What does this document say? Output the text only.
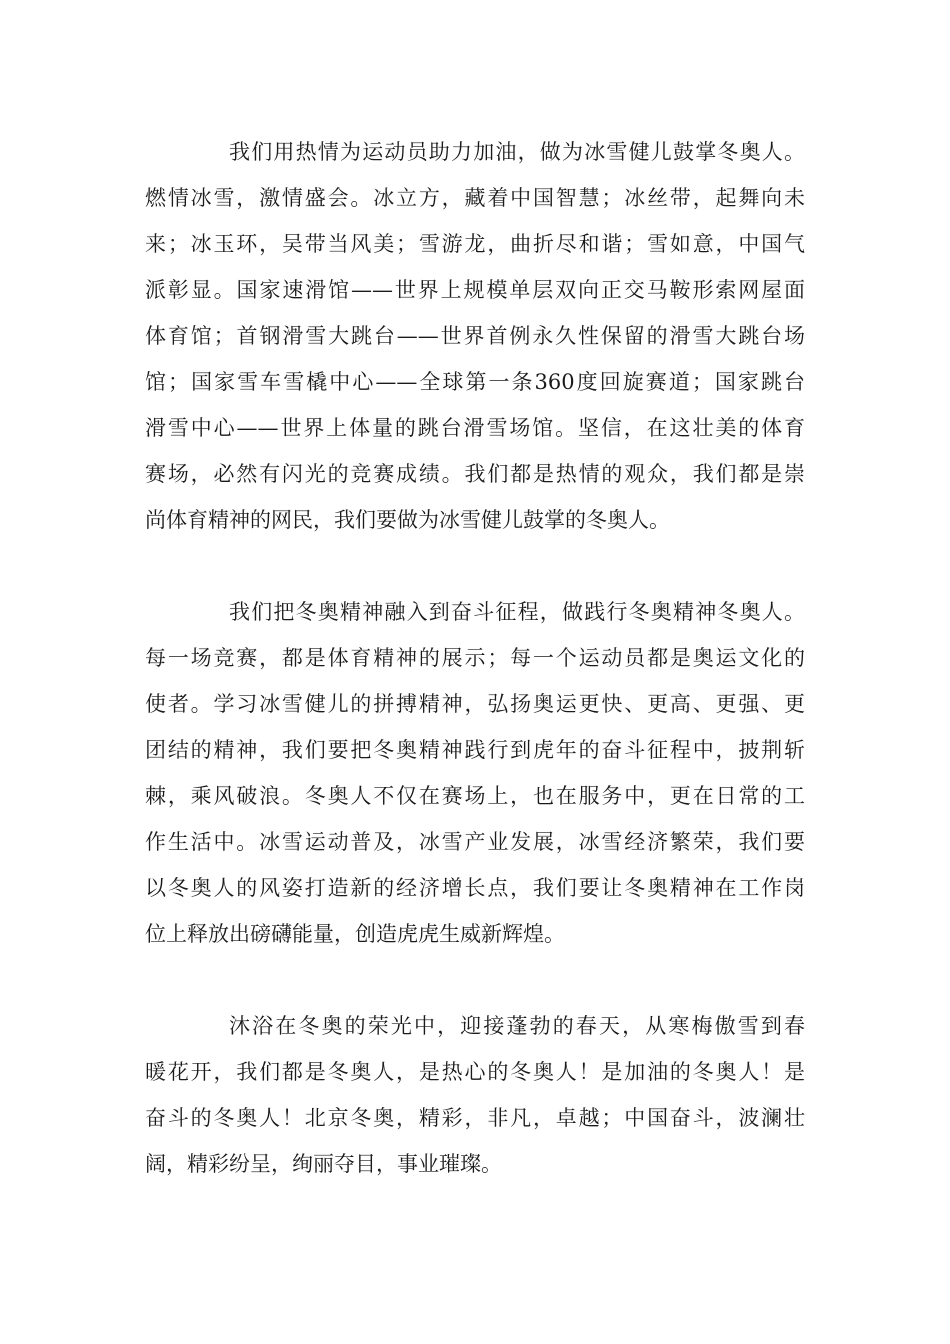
我们用热情为运动员助力加油，做为冰雪健儿鼓掌冬奥人。
燃情冰雪，激情盛会。冰立方，藏着中国智慧；冰丝带，起舞向未
来；冰玉环，吴带当风美；雪游龙，曲折尽和谐；雪如意，中国气
派彰显。国家速滑馆——世界上规模单层双向正交马鞍形索网屋面
体育馆；首钢滑雪大跳台——世界首例永久性保留的滑雪大跳台场
馆；国家雪车雪橇中心——全球第一条360度回旋赛道；国家跳台
滑雪中心——世界上体量的跳台滑雪场馆。坚信，在这壮美的体育
赛场，必然有闪光的竞赛成绩。我们都是热情的观众，我们都是崇
尚体育精神的网民，我们要做为冰雪健儿鼓掌的冬奥人。
我们把冬奥精神融入到奋斗征程，做践行冬奥精神冬奥人。
每一场竞赛，都是体育精神的展示；每一个运动员都是奥运文化的
使者。学习冰雪健儿的拼搏精神，弘扬奥运更快、更高、更强、更
团结的精神，我们要把冬奥精神践行到虎年的奋斗征程中，披荆斩
棘，乘风破浪。冬奥人不仅在赛场上，也在服务中，更在日常的工
作生活中。冰雪运动普及，冰雪产业发展，冰雪经济繁荣，我们要
以冬奥人的风姿打造新的经济增长点，我们要让冬奥精神在工作岗
位上释放出磅礴能量，创造虎虎生威新辉煌。
沐浴在冬奥的荣光中，迎接蓬勃的春天，从寒梅傲雪到春
暖花开，我们都是冬奥人，是热心的冬奥人！是加油的冬奥人！是
奋斗的冬奥人！北京冬奥，精彩，非凡，卓越；中国奋斗，波澜壮
阔，精彩纷呈，绚丽夺目，事业璀璨。
